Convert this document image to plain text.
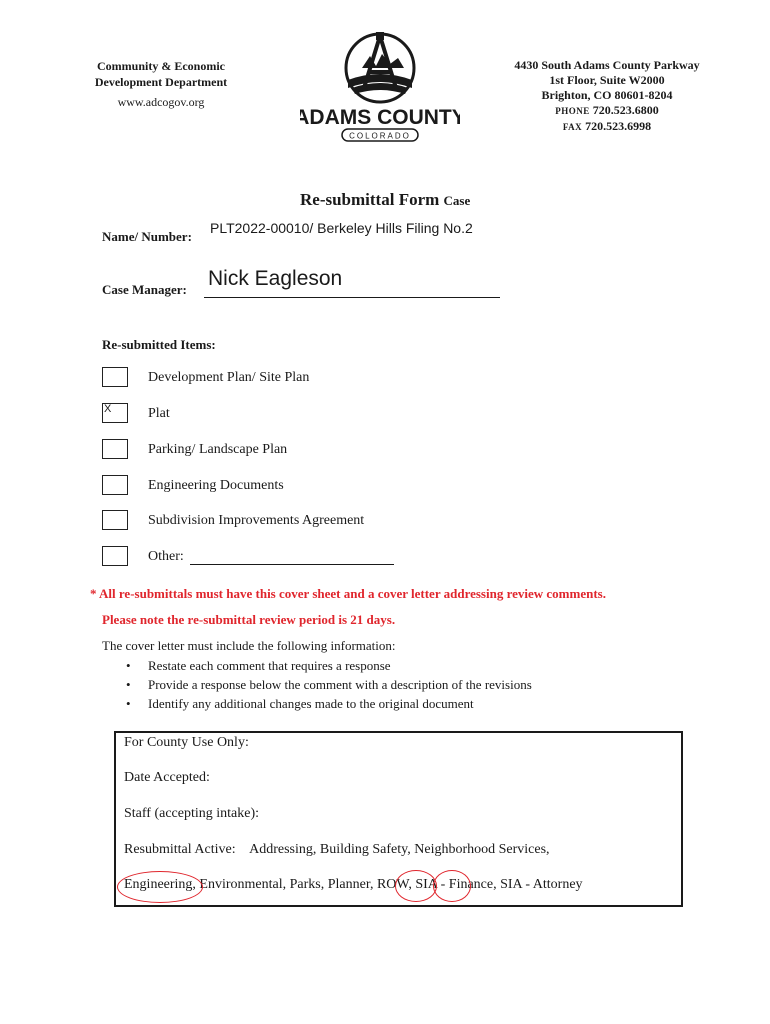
Community & Economic
Development Department
www.adcogov.org
ADAMS COUNTY
COLORADO
4430 South Adams County Parkway
1st Floor, Suite W2000
Brighton, CO 80601-8204
PHONE 720.523.6800
FAX 720.523.6998
Re-submittal Form Case
Name/ Number:
PLT2022-00010/ Berkeley Hills Filing No.2
Case Manager: Nick Eagleson
Re-submitted Items:
Development Plan/ Site Plan
X	Plat
Parking/ Landscape Plan
Engineering Documents
Subdivision Improvements Agreement
Other:
* All re-submittals must have this cover sheet and a cover letter addressing review comments.
Please note the re-submittal review period is 21 days.
The cover letter must include the following information:
• Restate each comment that requires a response
• Provide a response below the comment with a description of the revisions
• Identify any additional changes made to the original document
For County Use Only:
Date Accepted:
Staff (accepting intake):
Resubmittal Active: Addressing, Building Safety, Neighborhood Services,
Engineering, Environmental, Parks, Planner, ROW, SIA - Finance, SIA - Attorney
